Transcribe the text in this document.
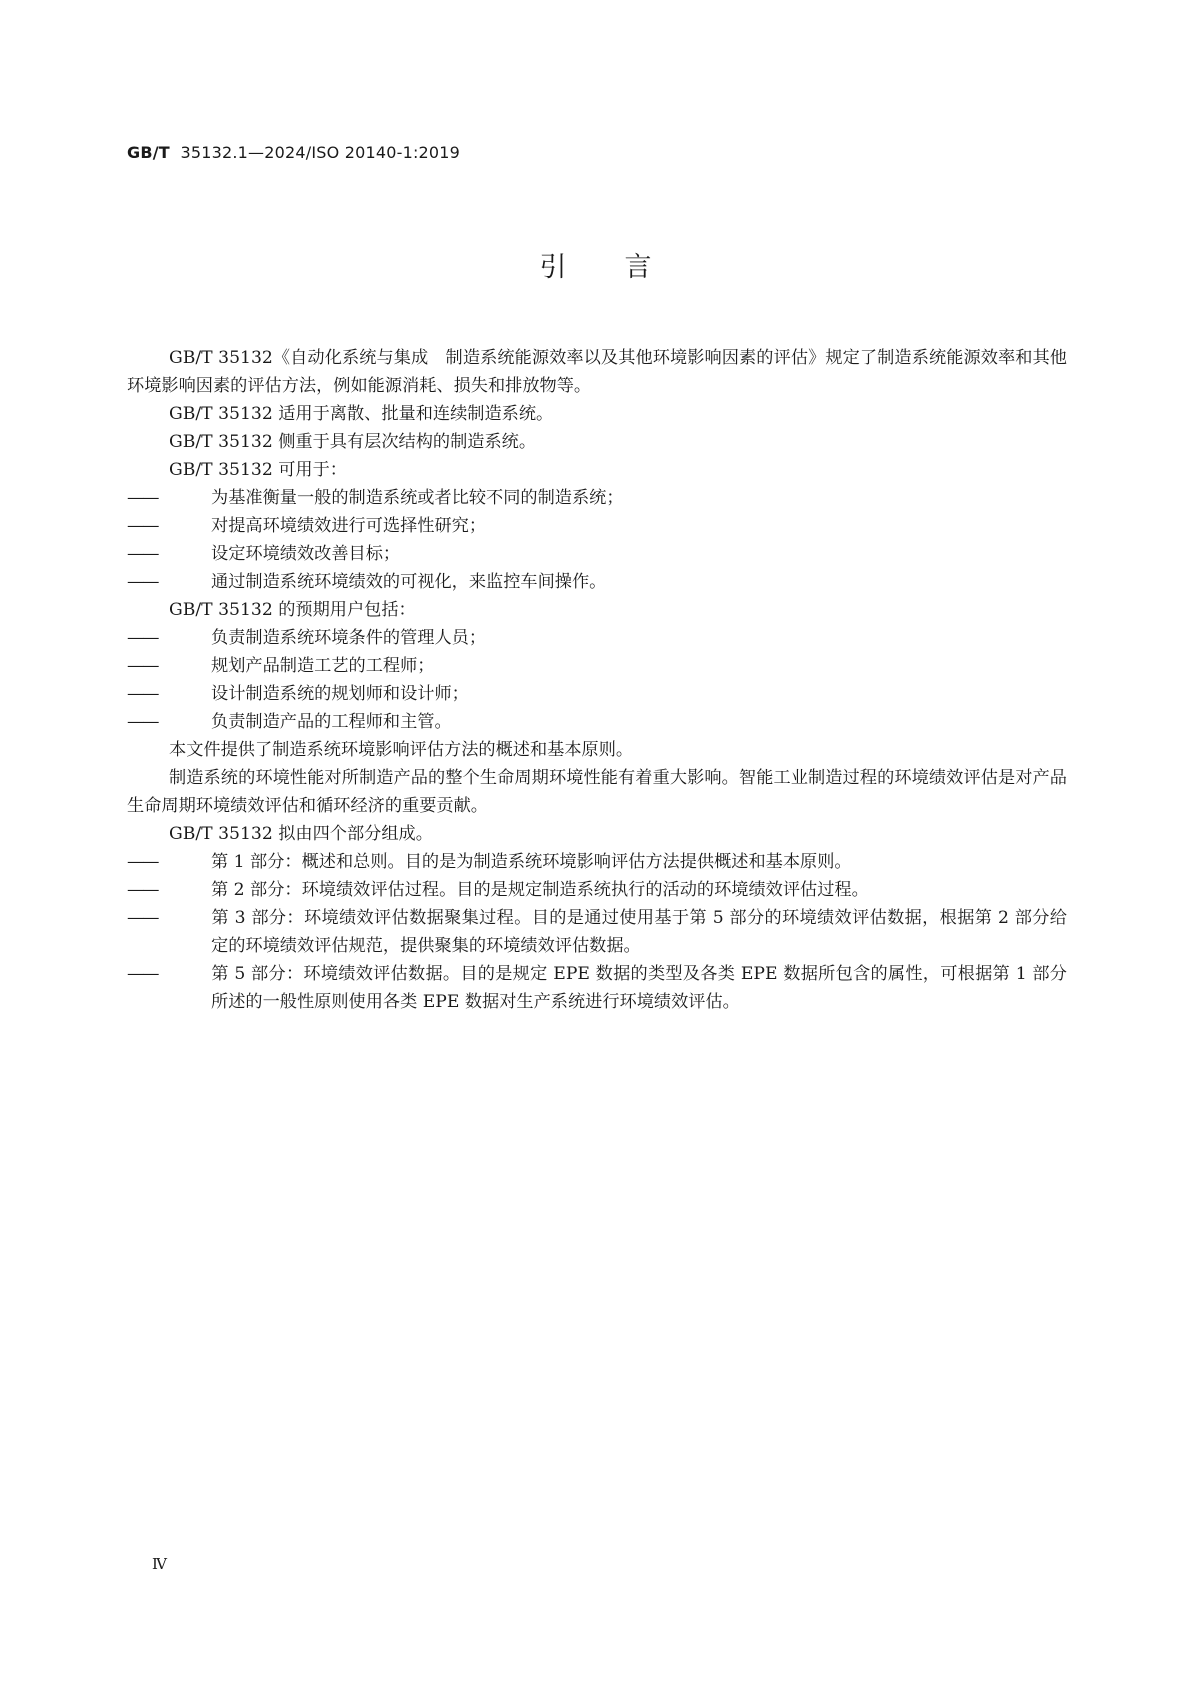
GB/T 35132.1—2024/ISO 20140-1:2019
引言

GB/T 35132《自动化系统与集成　制造系统能源效率以及其他环境影响因素的评估》规定了制造系统能源效率和其他环境影响因素的评估方法，例如能源消耗、损失和排放物等。

GB/T 35132 适用于离散、批量和连续制造系统。

GB/T 35132 侧重于具有层次结构的制造系统。

GB/T 35132 可用于：

——	为基准衡量一般的制造系统或者比较不同的制造系统；

——	对提高环境绩效进行可选择性研究；

——	设定环境绩效改善目标；

——	通过制造系统环境绩效的可视化，来监控车间操作。

GB/T 35132 的预期用户包括：

——	负责制造系统环境条件的管理人员；

——	规划产品制造工艺的工程师；

——	设计制造系统的规划师和设计师；

——	负责制造产品的工程师和主管。

本文件提供了制造系统环境影响评估方法的概述和基本原则。

制造系统的环境性能对所制造产品的整个生命周期环境性能有着重大影响。智能工业制造过程的环境绩效评估是对产品生命周期环境绩效评估和循环经济的重要贡献。

GB/T 35132 拟由四个部分组成。

——	第 1 部分：概述和总则。目的是为制造系统环境影响评估方法提供概述和基本原则。

——	第 2 部分：环境绩效评估过程。目的是规定制造系统执行的活动的环境绩效评估过程。

——	第 3 部分：环境绩效评估数据聚集过程。目的是通过使用基于第 5 部分的环境绩效评估数据，根据第 2 部分给定的环境绩效评估规范，提供聚集的环境绩效评估数据。

——	第 5 部分：环境绩效评估数据。目的是规定 EPE 数据的类型及各类 EPE 数据所包含的属性，可根据第 1 部分所述的一般性原则使用各类 EPE 数据对生产系统进行环境绩效评估。

Ⅳ
